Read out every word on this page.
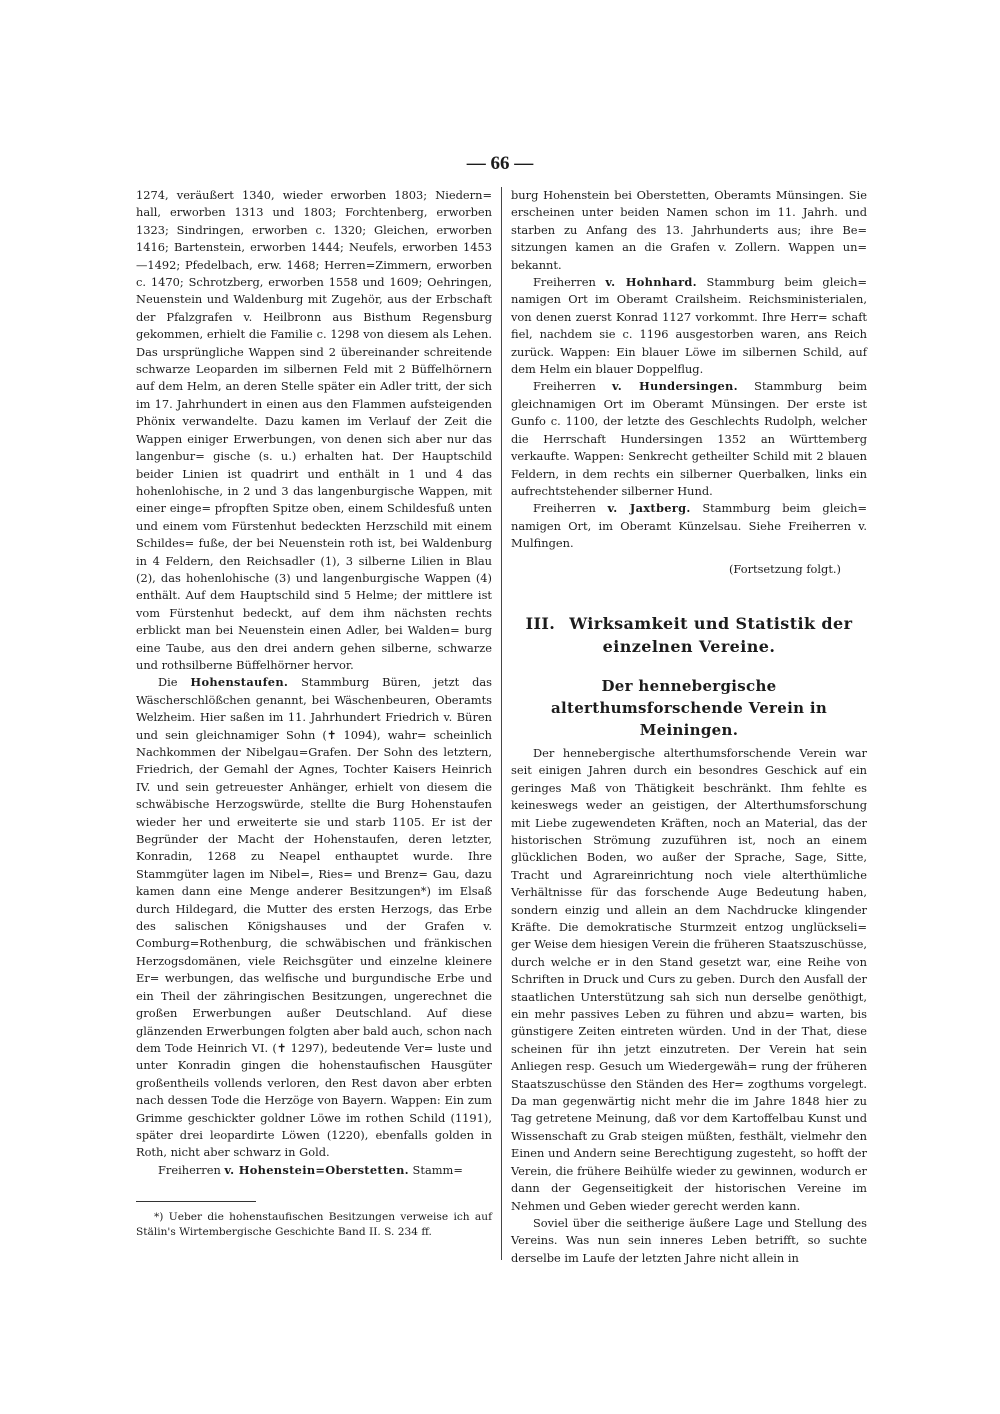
— 66 —

1274, veräußert 1340, wieder erworben 1803; Niedern= hall, erworben 1313 und 1803; Forchtenberg, erworben 1323; Sindringen, erworben c. 1320; Gleichen, erworben 1416; Bartenstein, erworben 1444; Neufels, erworben 1453—1492; Pfedelbach, erw. 1468; Herren=Zimmern, erworben c. 1470; Schrotzberg, erworben 1558 und 1609; Oehringen, Neuenstein und Waldenburg mit Zugehör, aus der Erbschaft der Pfalzgrafen v. Heilbronn aus Bisthum Regensburg gekommen, erhielt die Familie c. 1298 von diesem als Lehen. Das ursprüngliche Wappen sind 2 übereinander schreitende schwarze Leoparden im silbernen Feld mit 2 Büffelhörnern auf dem Helm, an deren Stelle später ein Adler tritt, der sich im 17. Jahrhundert in einen aus den Flammen aufsteigenden Phönix verwandelte. Dazu kamen im Verlauf der Zeit die Wappen einiger Erwerbungen, von denen sich aber nur das langenbur= gische (s. u.) erhalten hat. Der Hauptschild beider Linien ist quadrirt und enthält in 1 und 4 das hohenlohische, in 2 und 3 das langenburgische Wappen, mit einer einge= pfropften Spitze oben, einem Schildesfuß unten und einem vom Fürstenhut bedeckten Herzschild mit einem Schildes= fuße, der bei Neuenstein roth ist, bei Waldenburg in 4 Feldern, den Reichsadler (1), 3 silberne Lilien in Blau (2), das hohenlohische (3) und langenburgische Wappen (4) enthält. Auf dem Hauptschild sind 5 Helme; der mittlere ist vom Fürstenhut bedeckt, auf dem ihm nächsten rechts erblickt man bei Neuenstein einen Adler, bei Walden= burg eine Taube, aus den drei andern gehen silberne, schwarze und rothsilberne Büffelhörner hervor.

Die Hohenstaufen. Stammburg Büren, jetzt das Wäscherschlößchen genannt, bei Wäschenbeuren, Oberamts Welzheim. Hier saßen im 11. Jahrhundert Friedrich v. Büren und sein gleichnamiger Sohn (✝ 1094), wahr= scheinlich Nachkommen der Nibelgau=Grafen. Der Sohn des letztern, Friedrich, der Gemahl der Agnes, Tochter Kaisers Heinrich IV. und sein getreuester Anhänger, erhielt von diesem die schwäbische Herzogswürde, stellte die Burg Hohenstaufen wieder her und erweiterte sie und starb 1105. Er ist der Begründer der Macht der Hohenstaufen, deren letzter, Konradin, 1268 zu Neapel enthauptet wurde. Ihre Stammgüter lagen im Nibel=, Ries= und Brenz= Gau, dazu kamen dann eine Menge anderer Besitzungen*) im Elsaß durch Hildegard, die Mutter des ersten Herzogs, das Erbe des salischen Königshauses und der Grafen v. Comburg=Rothenburg, die schwäbischen und fränkischen Herzogsdomänen, viele Reichsgüter und einzelne kleinere Er= werbungen, das welfische und burgundische Erbe und ein Theil der zähringischen Besitzungen, ungerechnet die großen Erwerbungen außer Deutschland. Auf diese glänzenden Erwerbungen folgten aber bald auch, schon nach dem Tode Heinrich VI. (✝ 1297), bedeutende Ver= luste und unter Konradin gingen die hohenstaufischen Hausgüter großentheils vollends verloren, den Rest davon aber erbten nach dessen Tode die Herzöge von Bayern. Wappen: Ein zum Grimme geschickter goldner Löwe im rothen Schild (1191), später drei leopardirte Löwen (1220), ebenfalls golden in Roth, nicht aber schwarz in Gold.

Freiherren v. Hohenstein=Oberstetten. Stamm=

*) Ueber die hohenstaufischen Besitzungen verweise ich auf Stälin's Wirtembergische Geschichte Band II. S. 234 ff.

burg Hohenstein bei Oberstetten, Oberamts Münsingen. Sie erscheinen unter beiden Namen schon im 11. Jahrh. und starben zu Anfang des 13. Jahrhunderts aus; ihre Be= sitzungen kamen an die Grafen v. Zollern. Wappen un= bekannt.

Freiherren v. Hohnhard. Stammburg beim gleich= namigen Ort im Oberamt Crailsheim. Reichsministerialen, von denen zuerst Konrad 1127 vorkommt. Ihre Herr= schaft fiel, nachdem sie c. 1196 ausgestorben waren, ans Reich zurück. Wappen: Ein blauer Löwe im silbernen Schild, auf dem Helm ein blauer Doppelflug.

Freiherren v. Hundersingen. Stammburg beim gleichnamigen Ort im Oberamt Münsingen. Der erste ist Gunfo c. 1100, der letzte des Geschlechts Rudolph, welcher die Herrschaft Hundersingen 1352 an Württemberg verkaufte. Wappen: Senkrecht getheilter Schild mit 2 blauen Feldern, in dem rechts ein silberner Querbalken, links ein aufrechtstehender silberner Hund.

Freiherren v. Jaxtberg. Stammburg beim gleich= namigen Ort, im Oberamt Künzelsau. Siehe Freiherren v. Mulfingen.

(Fortsetzung folgt.)

III. Wirksamkeit und Statistik der einzelnen Vereine.
Der hennebergische alterthumsforschende Verein in Meiningen.

Der hennebergische alterthumsforschende Verein war seit einigen Jahren durch ein besondres Geschick auf ein geringes Maß von Thätigkeit beschränkt. Ihm fehlte es keineswegs weder an geistigen, der Alterthumsforschung mit Liebe zugewendeten Kräften, noch an Material, das der historischen Strömung zuzuführen ist, noch an einem glücklichen Boden, wo außer der Sprache, Sage, Sitte, Tracht und Agrareinrichtung noch viele alterthümliche Verhältnisse für das forschende Auge Bedeutung haben, sondern einzig und allein an dem Nachdrucke klingender Kräfte. Die demokratische Sturmzeit entzog unglückseli= ger Weise dem hiesigen Verein die früheren Staatszuschüsse, durch welche er in den Stand gesetzt war, eine Reihe von Schriften in Druck und Curs zu geben. Durch den Ausfall der staatlichen Unterstützung sah sich nun derselbe genöthigt, ein mehr passives Leben zu führen und abzu= warten, bis günstigere Zeiten eintreten würden. Und in der That, diese scheinen für ihn jetzt einzutreten. Der Verein hat sein Anliegen resp. Gesuch um Wiedergewäh= rung der früheren Staatszuschüsse den Ständen des Her= zogthums vorgelegt. Da man gegenwärtig nicht mehr die im Jahre 1848 hier zu Tag getretene Meinung, daß vor dem Kartoffelbau Kunst und Wissenschaft zu Grab steigen müßten, festhält, vielmehr den Einen und Andern seine Berechtigung zugesteht, so hofft der Verein, die frühere Beihülfe wieder zu gewinnen, wodurch er dann der Gegenseitigkeit der historischen Vereine im Nehmen und Geben wieder gerecht werden kann.

Soviel über die seitherige äußere Lage und Stellung des Vereins. Was nun sein inneres Leben betrifft, so suchte derselbe im Laufe der letzten Jahre nicht allein in
